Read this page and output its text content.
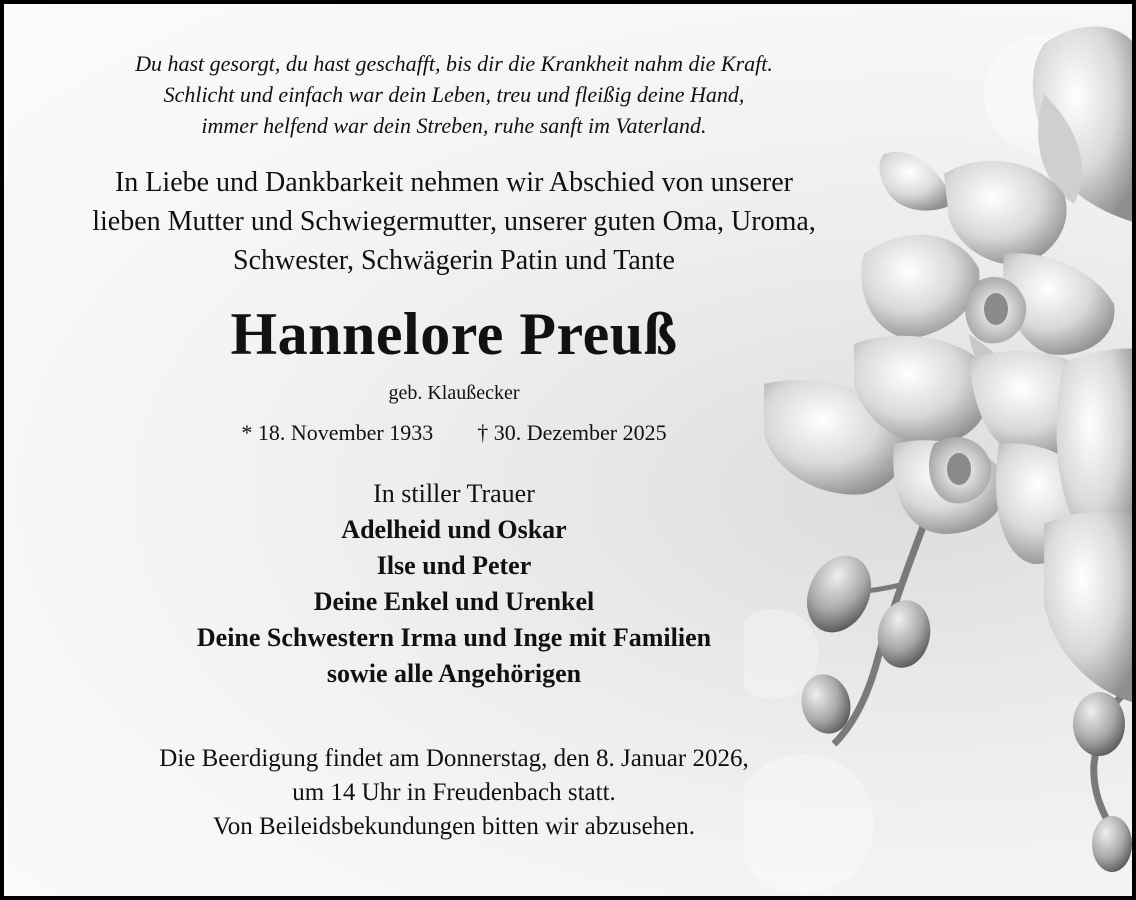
Du hast gesorgt, du hast geschafft, bis dir die Krankheit nahm die Kraft.
Schlicht und einfach war dein Leben, treu und fleißig deine Hand,
immer helfend war dein Streben, ruhe sanft im Vaterland.
In Liebe und Dankbarkeit nehmen wir Abschied von unserer
lieben Mutter und Schwiegermutter, unserer guten Oma, Uroma,
Schwester, Schwägerin Patin und Tante
Hannelore Preuß
geb. Klaußecker
* 18. November 1933 † 30. Dezember 2025
In stiller Trauer
Adelheid und Oskar
Ilse und Peter
Deine Enkel und Urenkel
Deine Schwestern Irma und Inge mit Familien
sowie alle Angehörigen
Die Beerdigung findet am Donnerstag, den 8. Januar 2026,
um 14 Uhr in Freudenbach statt.
Von Beileidsbekundungen bitten wir abzusehen.
